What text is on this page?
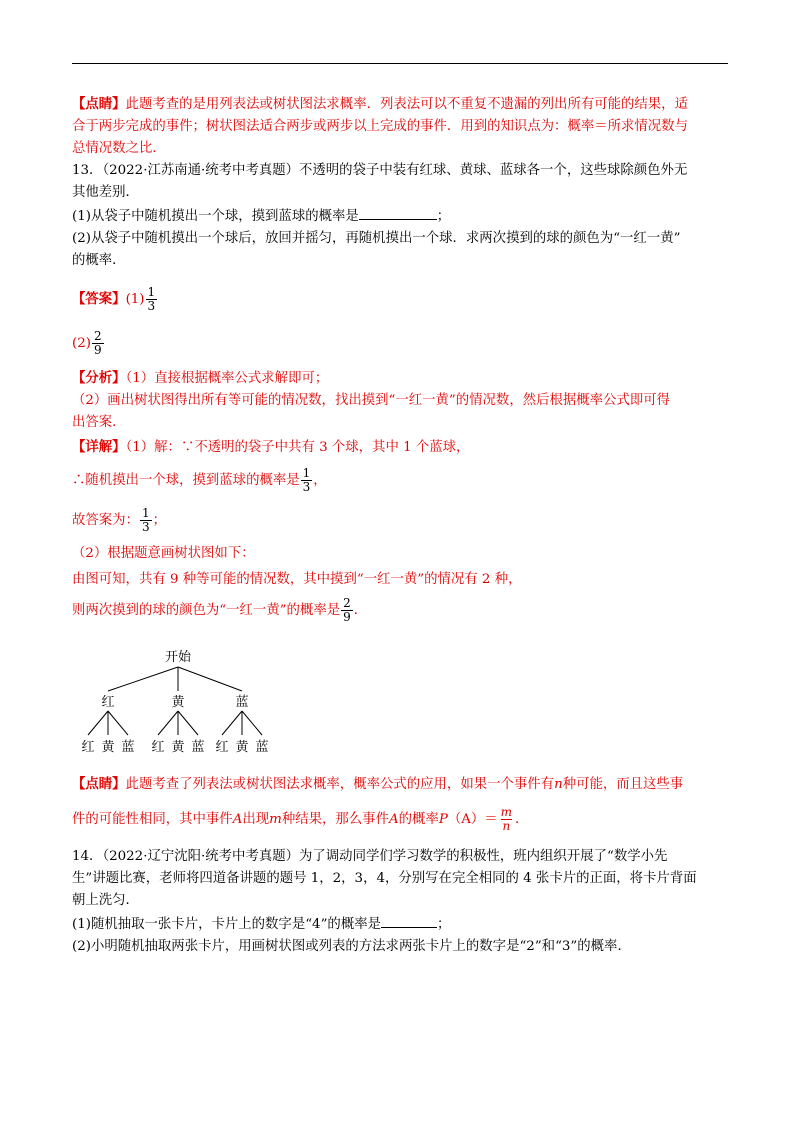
【点睛】此题考查的是用列表法或树状图法求概率．列表法可以不重复不遗漏的列出所有可能的结果，适

合于两步完成的事件；树状图法适合两步或两步以上完成的事件．用到的知识点为：概率＝所求情况数与

总情况数之比．

13．（2022·江苏南通·统考中考真题）不透明的袋子中装有红球、黄球、蓝球各一个，这些球除颜色外无

其他差别．

(1)从袋子中随机摸出一个球，摸到蓝球的概率是	；

(2)从袋子中随机摸出一个球后，放回并摇匀，再随机摸出一个球．求两次摸到的球的颜色为“一红一黄”

的概率．

【答案】$(1) \frac{1}{3}$

$(2) \frac{2}{9}$

【分析】（1）直接根据概率公式求解即可；

（2）画出树状图得出所有等可能的情况数，找出摸到“一红一黄”的情况数，然后根据概率公式即可得

出答案．

【详解】（1）解：∵不透明的袋子中共有 3 个球，其中 1 个蓝球，

∴随机摸出一个球，摸到蓝球的概率是 $\frac{1}{3}$ ，

故答案为： $\frac{1}{3}$ ；

（2）根据题意画树状图如下：

由图可知，共有 9 种等可能的情况数，其中摸到“一红一黄”的情况有 2 种，

则两次摸到的球的颜色为“一红一黄”的概率是 $\frac{2}{9}$ ．

开始
红	黄	蓝
红 黄 蓝 红 黄 蓝 红 黄 蓝

【点睛】此题考查了列表法或树状图法求概率，概率公式的应用，如果一个事件有n种可能，而且这些事

件的可能性相同，其中事件A出现m种结果，那么事件A的概率$P(A)= \frac{m}{n}$ ．

14．（2022·辽宁沈阳·统考中考真题）为了调动同学们学习数学的积极性，班内组织开展了“数学小先

生”讲题比赛，老师将四道备讲题的题号 1，2，3，4，分别写在完全相同的 4 张卡片的正面，将卡片背面

朝上洗匀．

(1)随机抽取一张卡片，卡片上的数字是“4”的概率是	；

(2)小明随机抽取两张卡片，用画树状图或列表的方法求两张卡片上的数字是“2”和“3”的概率．
